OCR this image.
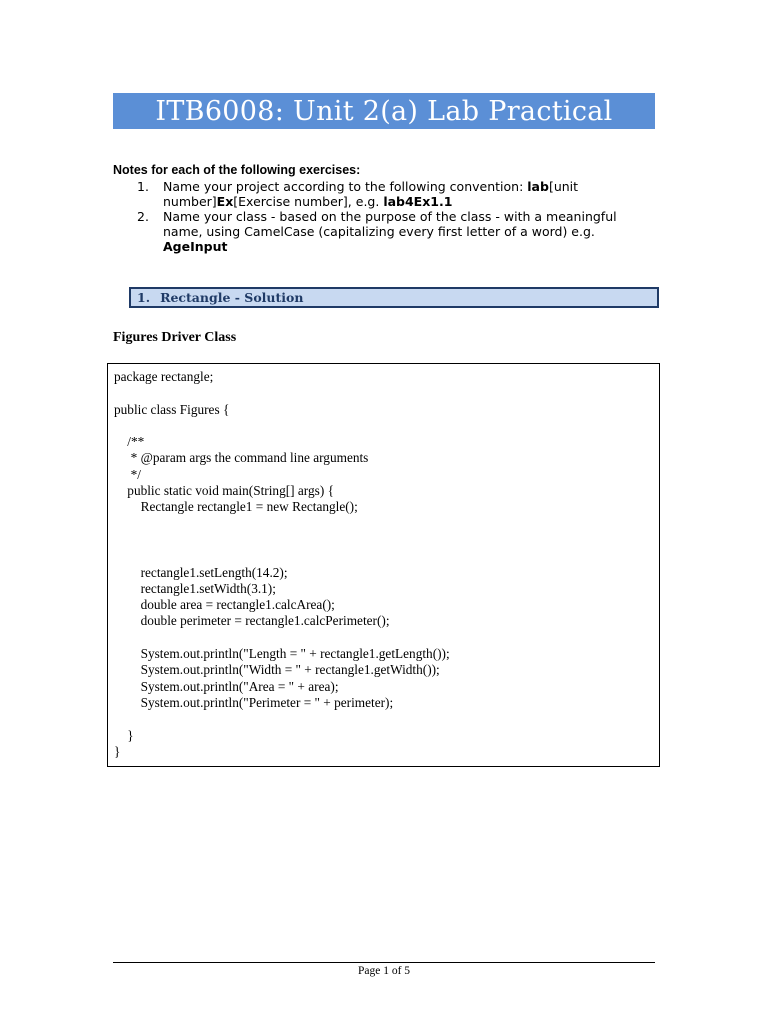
ITB6008: Unit 2(a) Lab Practical
Notes for each of the following exercises:
1.	Name your project according to the following convention: lab[unit number]Ex[Exercise number], e.g. lab4Ex1.1
2.	Name your class - based on the purpose of the class - with a meaningful name, using CamelCase (capitalizing every first letter of a word) e.g. AgeInput
1. Rectangle - Solution
Figures Driver Class
package rectangle;

public class Figures {

/**
* @param args the command line arguments
*/
public static void main(String[] args) {
Rectangle rectangle1 = new Rectangle();

rectangle1.setLength(14.2);
rectangle1.setWidth(3.1);
double area = rectangle1.calcArea();
double perimeter = rectangle1.calcPerimeter();

System.out.println("Length = " + rectangle1.getLength());
System.out.println("Width = " + rectangle1.getWidth());
System.out.println("Area = " + area);
System.out.println("Perimeter = " + perimeter);

}
}
Page 1 of 5
